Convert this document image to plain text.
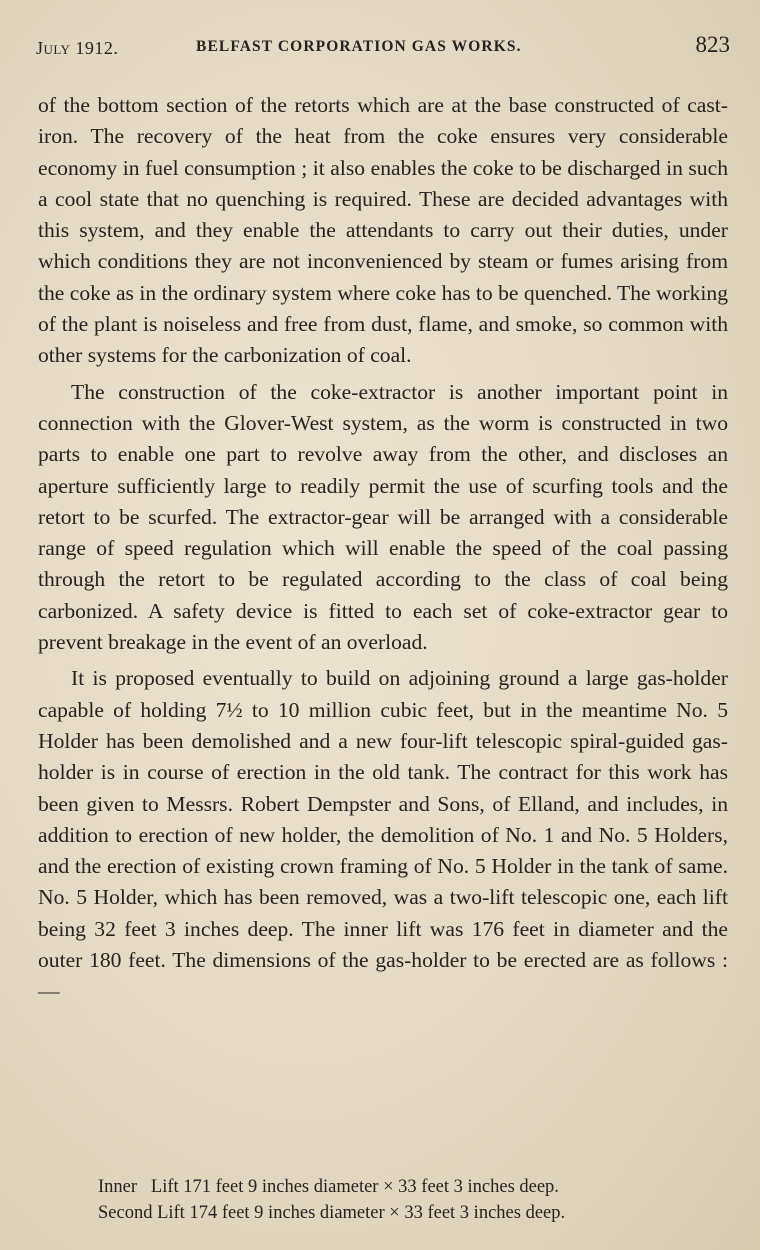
July 1912.	BELFAST CORPORATION GAS WORKS.	823

of the bottom section of the retorts which are at the base constructed of cast-iron. The recovery of the heat from the coke ensures very considerable economy in fuel consumption ; it also enables the coke to be discharged in such a cool state that no quenching is required. These are decided advantages with this system, and they enable the attendants to carry out their duties, under which conditions they are not inconvenienced by steam or fumes arising from the coke as in the ordinary system where coke has to be quenched. The working of the plant is noiseless and free from dust, flame, and smoke, so common with other systems for the carbonization of coal.

The construction of the coke-extractor is another important point in connection with the Glover-West system, as the worm is constructed in two parts to enable one part to revolve away from the other, and discloses an aperture sufficiently large to readily permit the use of scurfing tools and the retort to be scurfed. The extractor-gear will be arranged with a considerable range of speed regulation which will enable the speed of the coal passing through the retort to be regulated according to the class of coal being carbonized. A safety device is fitted to each set of coke-extractor gear to prevent breakage in the event of an overload.

It is proposed eventually to build on adjoining ground a large gas-holder capable of holding 7½ to 10 million cubic feet, but in the meantime No. 5 Holder has been demolished and a new four-lift telescopic spiral-guided gas-holder is in course of erection in the old tank. The contract for this work has been given to Messrs. Robert Dempster and Sons, of Elland, and includes, in addition to erection of new holder, the demolition of No. 1 and No. 5 Holders, and the erection of existing crown framing of No. 5 Holder in the tank of same. No. 5 Holder, which has been removed, was a two-lift telescopic one, each lift being 32 feet 3 inches deep. The inner lift was 176 feet in diameter and the outer 180 feet. The dimensions of the gas-holder to be erected are as follows :—

Inner   Lift 171 feet 9 inches diameter × 33 feet 3 inches deep.
Second Lift 174 feet 9 inches diameter × 33 feet 3 inches deep.
